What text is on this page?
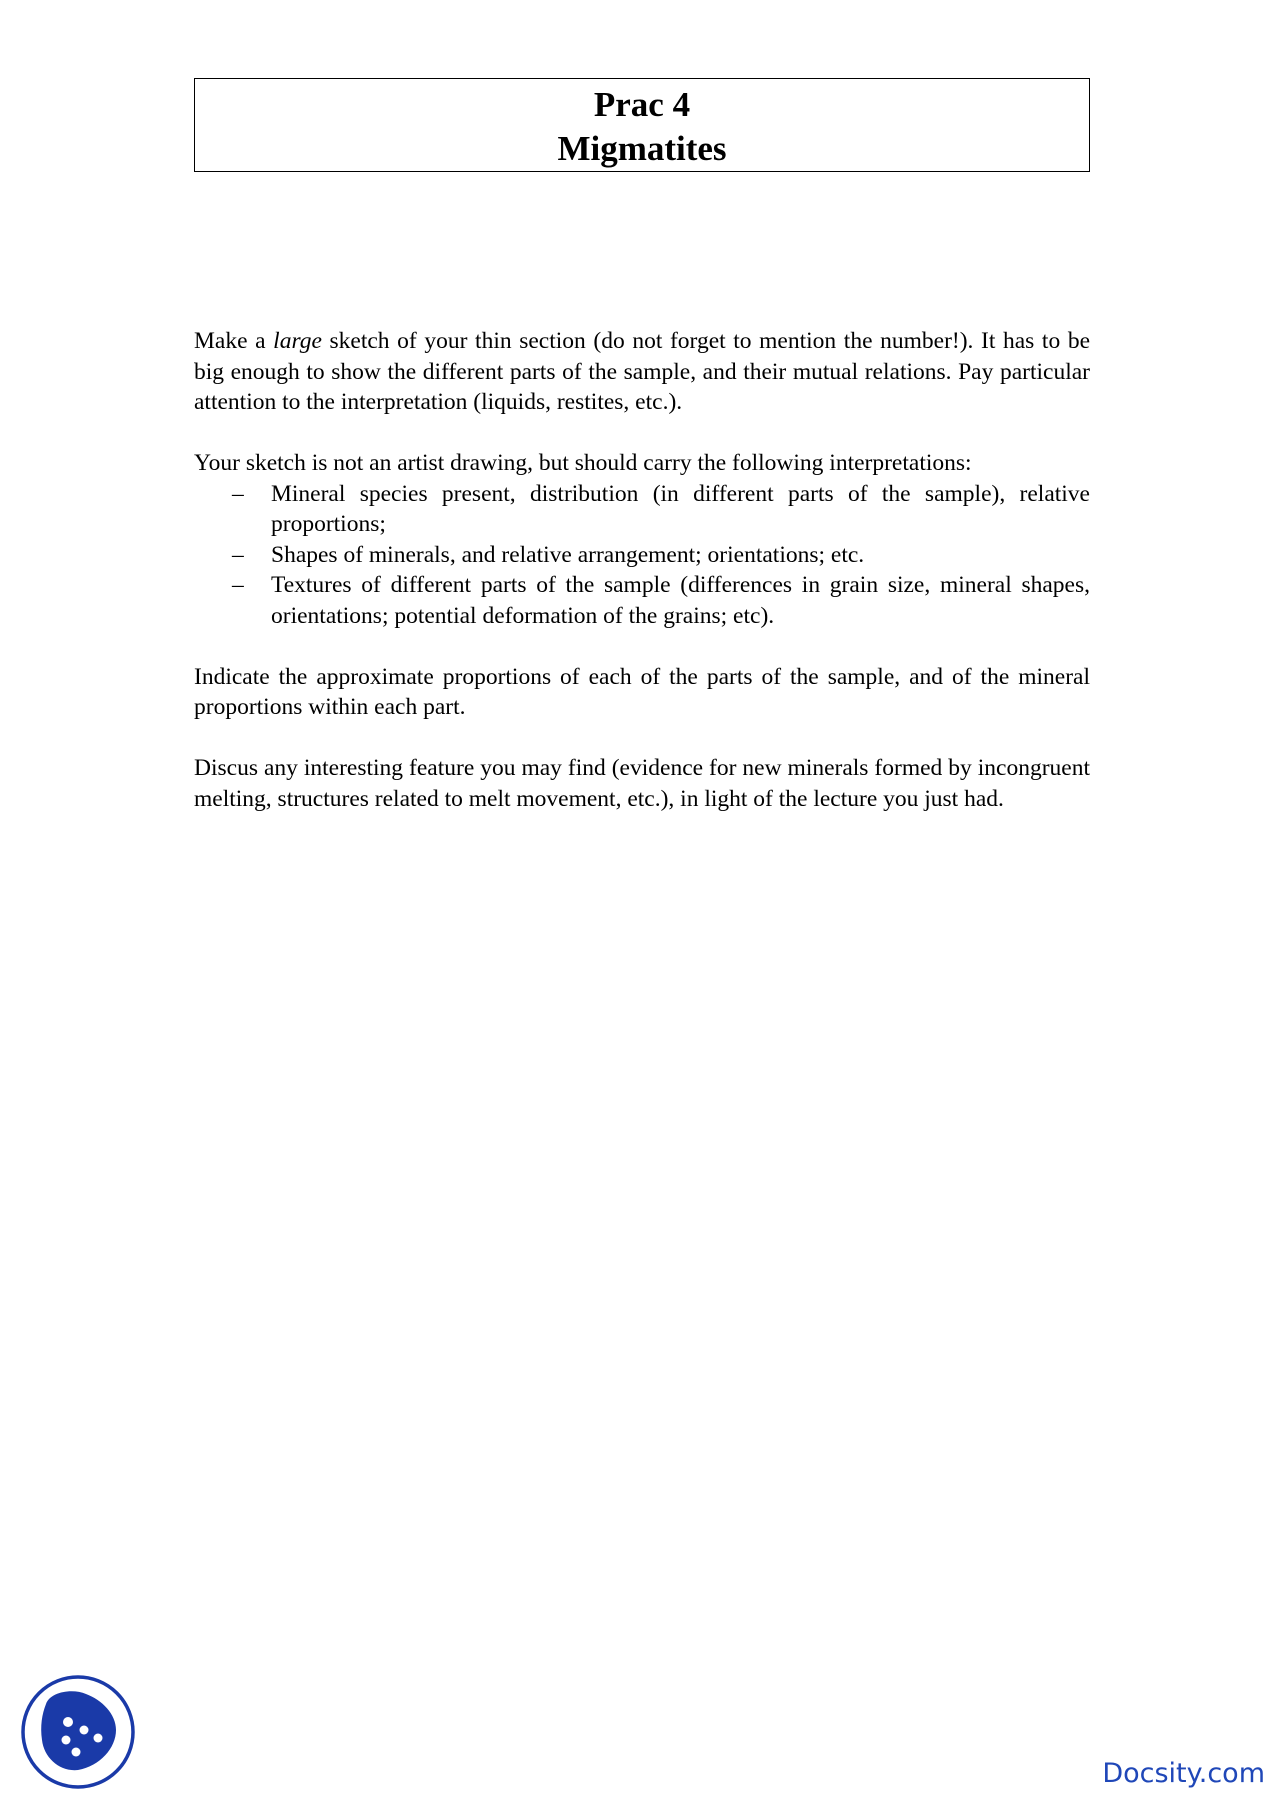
Prac 4
Migmatites

Make a large sketch of your thin section (do not forget to mention the number!). It has to be big enough to show the different parts of the sample, and their mutual relations. Pay particular attention to the interpretation (liquids, restites, etc.).

Your sketch is not an artist drawing, but should carry the following interpretations:

– Mineral species present, distribution (in different parts of the sample), relative proportions;
– Shapes of minerals, and relative arrangement; orientations; etc.
– Textures of different parts of the sample (differences in grain size, mineral shapes, orientations; potential deformation of the grains; etc).

Indicate the approximate proportions of each of the parts of the sample, and of the mineral proportions within each part.

Discus any interesting feature you may find (evidence for new minerals formed by incongruent melting, structures related to melt movement, etc.), in light of the lecture you just had.

Docsity.com
